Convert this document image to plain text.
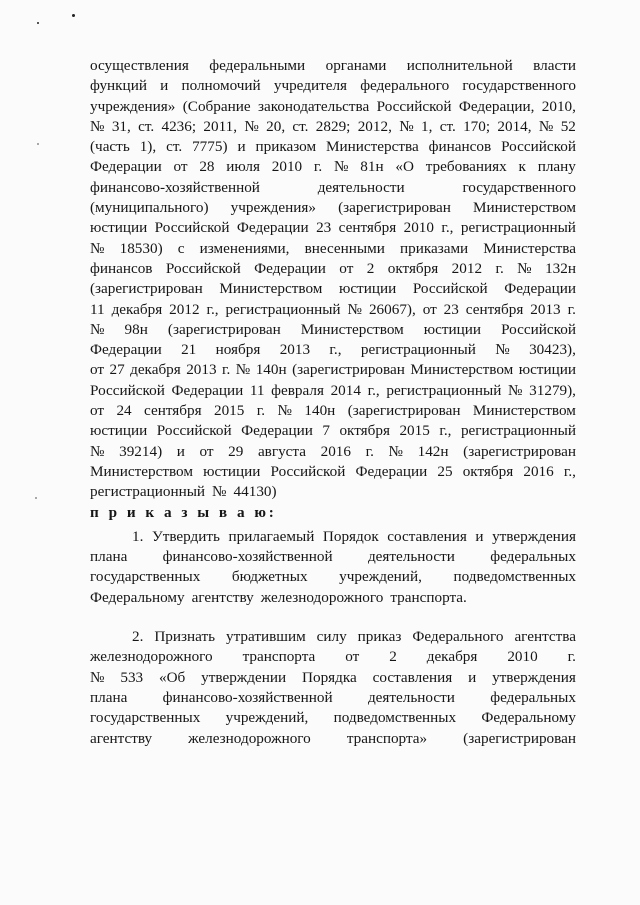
осуществления федеральными органами исполнительной власти
функций и полномочий учредителя федерального государственного
учреждения» (Собрание законодательства Российской Федерации, 2010,
№ 31, ст. 4236; 2011, № 20, ст. 2829; 2012, № 1, ст. 170; 2014, № 52
(часть 1), ст. 7775) и приказом Министерства финансов Российской
Федерации от 28 июля 2010 г. № 81н «О требованиях к плану
финансово-хозяйственной	деятельности	государственного
(муниципального) учреждения» (зарегистрирован Министерством
юстиции Российской Федерации 23 сентября 2010 г., регистрационный
№ 18530) с изменениями, внесенными приказами Министерства
финансов Российской Федерации от 2 октября 2012 г. № 132н
(зарегистрирован Министерством юстиции Российской Федерации
11 декабря 2012 г., регистрационный № 26067), от 23 сентября 2013 г.
№ 98н (зарегистрирован Министерством юстиции Российской
Федерации 21 ноября 2013 г., регистрационный № 30423),
от 27 декабря 2013 г. № 140н (зарегистрирован Министерством юстиции
Российской Федерации 11 февраля 2014 г., регистрационный № 31279),
от 24 сентября 2015 г. № 140н (зарегистрирован Министерством
юстиции Российской Федерации 7 октября 2015 г., регистрационный
№ 39214) и от 29 августа 2016 г. № 142н (зарегистрирован
Министерством юстиции Российской Федерации 25 октября 2016 г.,
регистрационный № 44130)
п р и к а з ы в а ю:
1. Утвердить прилагаемый Порядок составления и утверждения
плана финансово-хозяйственной деятельности федеральных
государственных бюджетных учреждений, подведомственных
Федеральному агентству железнодорожного транспорта.
2. Признать утратившим силу приказ Федерального агентства
железнодорожного транспорта от 2 декабря 2010 г.
№ 533 «Об утверждении Порядка составления и утверждения
плана финансово-хозяйственной деятельности федеральных
государственных учреждений, подведомственных Федеральному
агентству железнодорожного транспорта» (зарегистрирован
